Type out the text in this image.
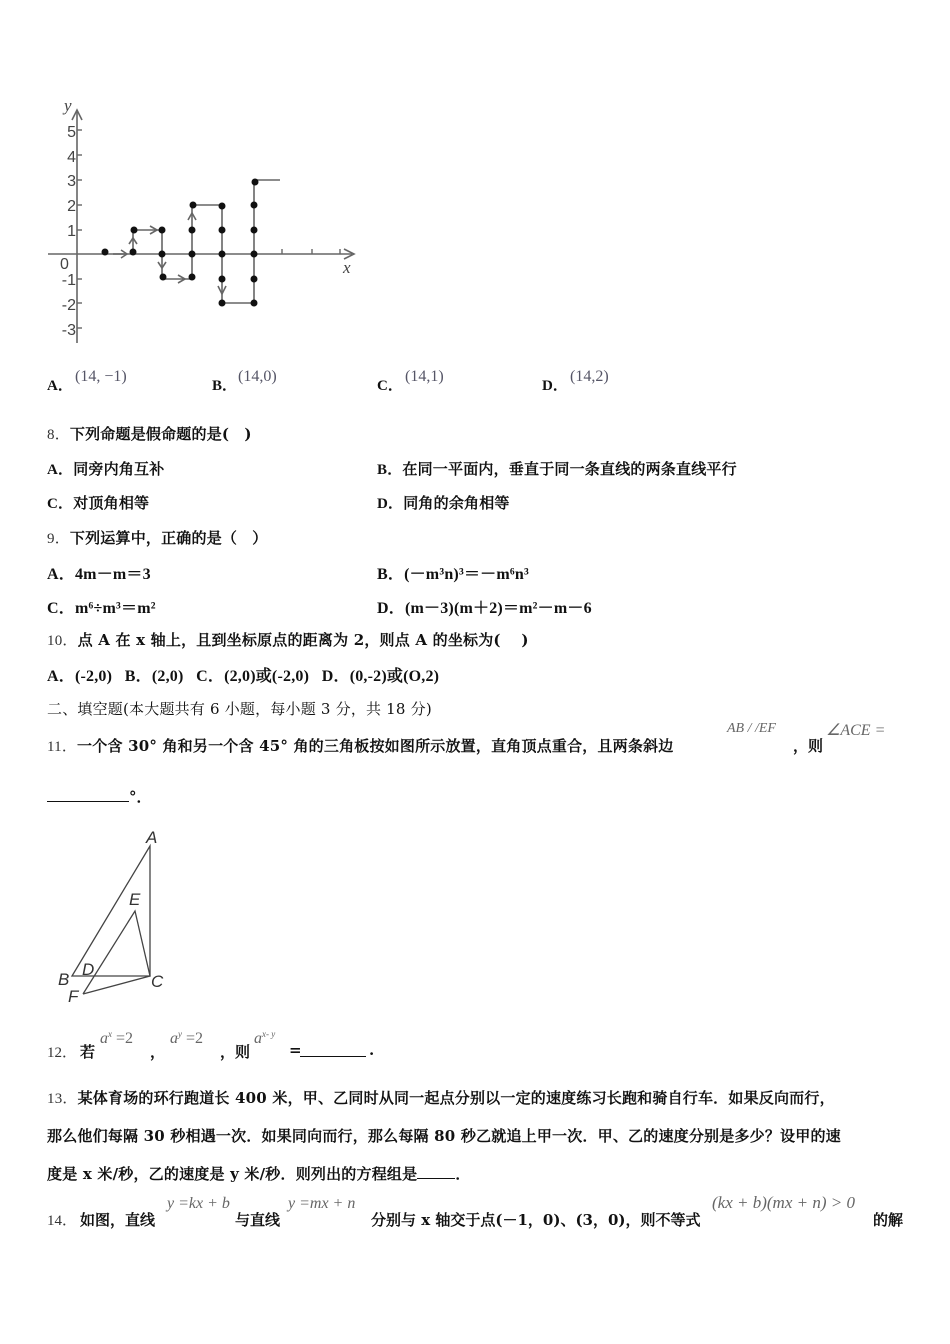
y
x
0
5
4
3
2
1
-1
-2
-3
A．
(14, −1)
B．
(14,0)
C．
(14,1)
D．
(14,2)
8．下列命题是假命题的是(　)
A．同旁内角互补	B．在同一平面内，垂直于同一条直线的两条直线平行
C．对顶角相等	D．同角的余角相等
9．下列运算中，正确的是（　）
A．4m－m＝3	B．(－m³n)³＝－m⁶n³
C．m⁶÷m³＝m²	D．(m－3)(m＋2)＝m²－m－6
10．点 A 在 x 轴上，且到坐标原点的距离为 2，则点 A 的坐标为(　 )
A．(-2,0) B．(2,0) C．(2,0)或(-2,0) D．(0,-2)或(O,2)
二、填空题(本大题共有 6 小题，每小题 3 分，共 18 分)
11．一个含 30° 角和另一个含 45° 角的三角板按如图所示放置，直角顶点重合，且两条斜边
AB / /EF
，则
∠ACE =
°．
A
E
B
D
C
F
12． 若
$a^x =2$
，
$a^y =2$
，则
$a^{x- y}$
=	.
13．某体育场的环行跑道长 400 米，甲、乙同时从同一起点分别以一定的速度练习长跑和骑自行车．如果反向而行，
那么他们每隔 30 秒相遇一次．如果同向而行，那么每隔 80 秒乙就追上甲一次．甲、乙的速度分别是多少？设甲的速
度是 x 米/秒，乙的速度是 y 米/秒．则列出的方程组是	．
14． 如图，直线
y =kx + b
与直线
y =mx + n
分别与 x 轴交于点(－1，0)、(3，0)，则不等式
(kx + b)(mx + n) > 0
的解
